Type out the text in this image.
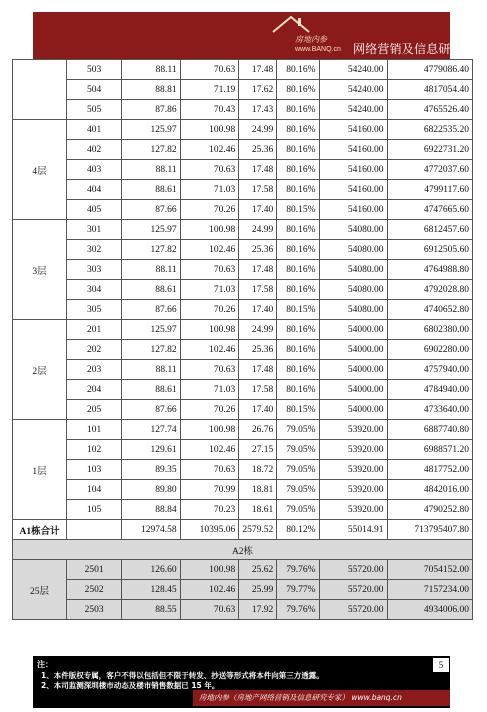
房地内参
www.BANQ.cn 网络营销及信息研究专家
	503	88.11	70.63	17.48	80.16%	54240.00	4779086.40
	504	88.81	71.19	17.62	80.16%	54240.00	4817054.40
	505	87.86	70.43	17.43	80.16%	54240.00	4765526.40
4层	401	125.97	100.98	24.99	80.16%	54160.00	6822535.20
	402	127.82	102.46	25.36	80.16%	54160.00	6922731.20
	403	88.11	70.63	17.48	80.16%	54160.00	4772037.60
	404	88.61	71.03	17.58	80.16%	54160.00	4799117.60
	405	87.66	70.26	17.40	80.15%	54160.00	4747665.60
3层	301	125.97	100.98	24.99	80.16%	54080.00	6812457.60
	302	127.82	102.46	25.36	80.16%	54080.00	6912505.60
	303	88.11	70.63	17.48	80.16%	54080.00	4764988.80
	304	88.61	71.03	17.58	80.16%	54080.00	4792028.80
	305	87.66	70.26	17.40	80.15%	54080.00	4740652.80
2层	201	125.97	100.98	24.99	80.16%	54000.00	6802380.00
	202	127.82	102.46	25.36	80.16%	54000.00	6902280.00
	203	88.11	70.63	17.48	80.16%	54000.00	4757940.00
	204	88.61	71.03	17.58	80.16%	54000.00	4784940.00
	205	87.66	70.26	17.40	80.15%	54000.00	4733640.00
1层	101	127.74	100.98	26.76	79.05%	53920.00	6887740.80
	102	129.61	102.46	27.15	79.05%	53920.00	6988571.20
	103	89.35	70.63	18.72	79.05%	53920.00	4817752.00
	104	89.80	70.99	18.81	79.05%	53920.00	4842016.00
	105	88.84	70.23	18.61	79.05%	53920.00	4790252.80
A1栋合计		12974.58	10395.06	2579.52	80.12%	55014.91	713795407.80
A2栋							
25层	2501	126.60	100.98	25.62	79.76%	55720.00	7054152.00
	2502	128.45	102.46	25.99	79.77%	55720.00	7157234.00
	2503	88.55	70.63	17.92	79.76%	55720.00	4934006.00
注：
1、本件版权专属，客户不得以包括但不限于转发、抄送等形式将本件向第三方透露。
2、本司监测深圳楼市动态及楼市销售数据已 15 年。
5
房地内参（房地产网络营销及信息研究专家） www.banq.cn
